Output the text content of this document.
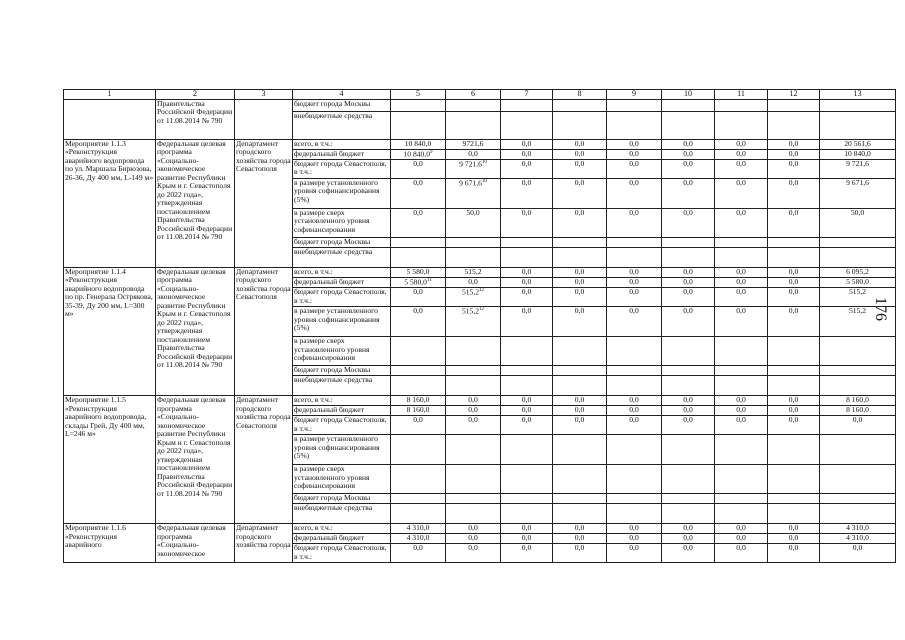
1	2	3	4	5	6	7	8	9	10	11	12	13
	Правительства Российской Федерации от 11.08.2014 № 790		бюджет города Москвы									
			внебюджетные средства									
Мероприятие 1.1.3 «Реконструкция аварийного водопровода по ул. Маршала Бирюзова, 26-36, Ду 400 мм, L-149 м»	Федеральная целевая программа «Социально-экономическое развитие Республики Крым и г. Севастополя до 2022 года», утвержденная постановлением Правительства Российской Федерации от 11.08.2014 № 790	Департамент городского хозяйства города Севастополя	всего, в т.ч.:	10 840,0	9721,6	0,0	0,0	0,0	0,0	0,0	0,0	20 561,6
			федеральный бюджет	10 840,0$^9$	0,0	0,0	0,0	0,0	0,0	0,0	0,0	10 840,0
			бюджет города Севастополя, в т.ч.:	0,0	9 721,6$^{10}$	0,0	0,0	0,0	0,0	0,0	0,0	9 721,6
			в размере установленного уровня софинансирования (5%)	0,0	9 671,6$^{10}$	0,0	0,0	0,0	0,0	0,0	0,0	9 671,6
			в размере сверх установленного уровня софинансирования	0,0	50,0	0,0	0,0	0,0	0,0	0,0	0,0	50,0
			бюджет города Москвы									
			внебюджетные средства									
Мероприятие 1.1.4 «Реконструкция аварийного водопровода по пр. Генерала Острякова, 35-39, Ду 200 мм, L=300 м»	Федеральная целевая программа «Социально-экономическое развитие Республики Крым и г. Севастополя до 2022 года», утвержденная постановлением Правительства Российской Федерации от 11.08.2014 № 790	Департамент городского хозяйства города Севастополя	всего, в т.ч.:	5 580,0	515,2	0,0	0,0	0,0	0,0	0,0	0,0	6 095,2
			федеральный бюджет	5 580,0$^{11}$	0,0	0,0	0,0	0,0	0,0	0,0	0,0	5 580,0
			бюджет города Севастополя, в т.ч.:	0,0	515,2$^{12}$	0,0	0,0	0,0	0,0	0,0	0,0	515,2
			в размере установленного уровня софинансирования (5%)	0,0	515,2$^{12}$	0,0	0,0	0,0	0,0	0,0	0,0	515,2
			в размере сверх установленного уровня софинансирования									
			бюджет города Москвы									
			внебюджетные средства									
Мероприятие 1.1.5 «Реконструкция аварийного водопровода, склады Грей, Ду 400 мм, L=246 м»	Федеральная целевая программа «Социально-экономическое развитие Республики Крым и г. Севастополя до 2022 года», утвержденная постановлением Правительства Российской Федерации от 11.08.2014 № 790	Департамент городского хозяйства города Севастополя	всего, в т.ч.:	8 160,0	0,0	0,0	0,0	0,0	0,0	0,0	0,0	8 160,0
			федеральный бюджет	8 160,0	0,0	0,0	0,0	0,0	0,0	0,0	0,0	8 160,0
			бюджет города Севастополя, в т.ч.:	0,0	0,0	0,0	0,0	0,0	0,0	0,0	0,0	0,0
			в размере установленного уровня софинансирования (5%)									
			в размере сверх установленного уровня софинансирования									
			бюджет города Москвы									
			внебюджетные средства									
Мероприятие 1.1.6 «Реконструкция аварийного	Федеральная целевая программа «Социально-экономическое	Департамент городского хозяйства города	всего, в т.ч.:	4 310,0	0,0	0,0	0,0	0,0	0,0	0,0	0,0	4 310,0
			федеральный бюджет	4 310,0	0,0	0,0	0,0	0,0	0,0	0,0	0,0	4 310,0
			бюджет города Севастополя, в т.ч.:	0,0	0,0	0,0	0,0	0,0	0,0	0,0	0,0	0,0
176
